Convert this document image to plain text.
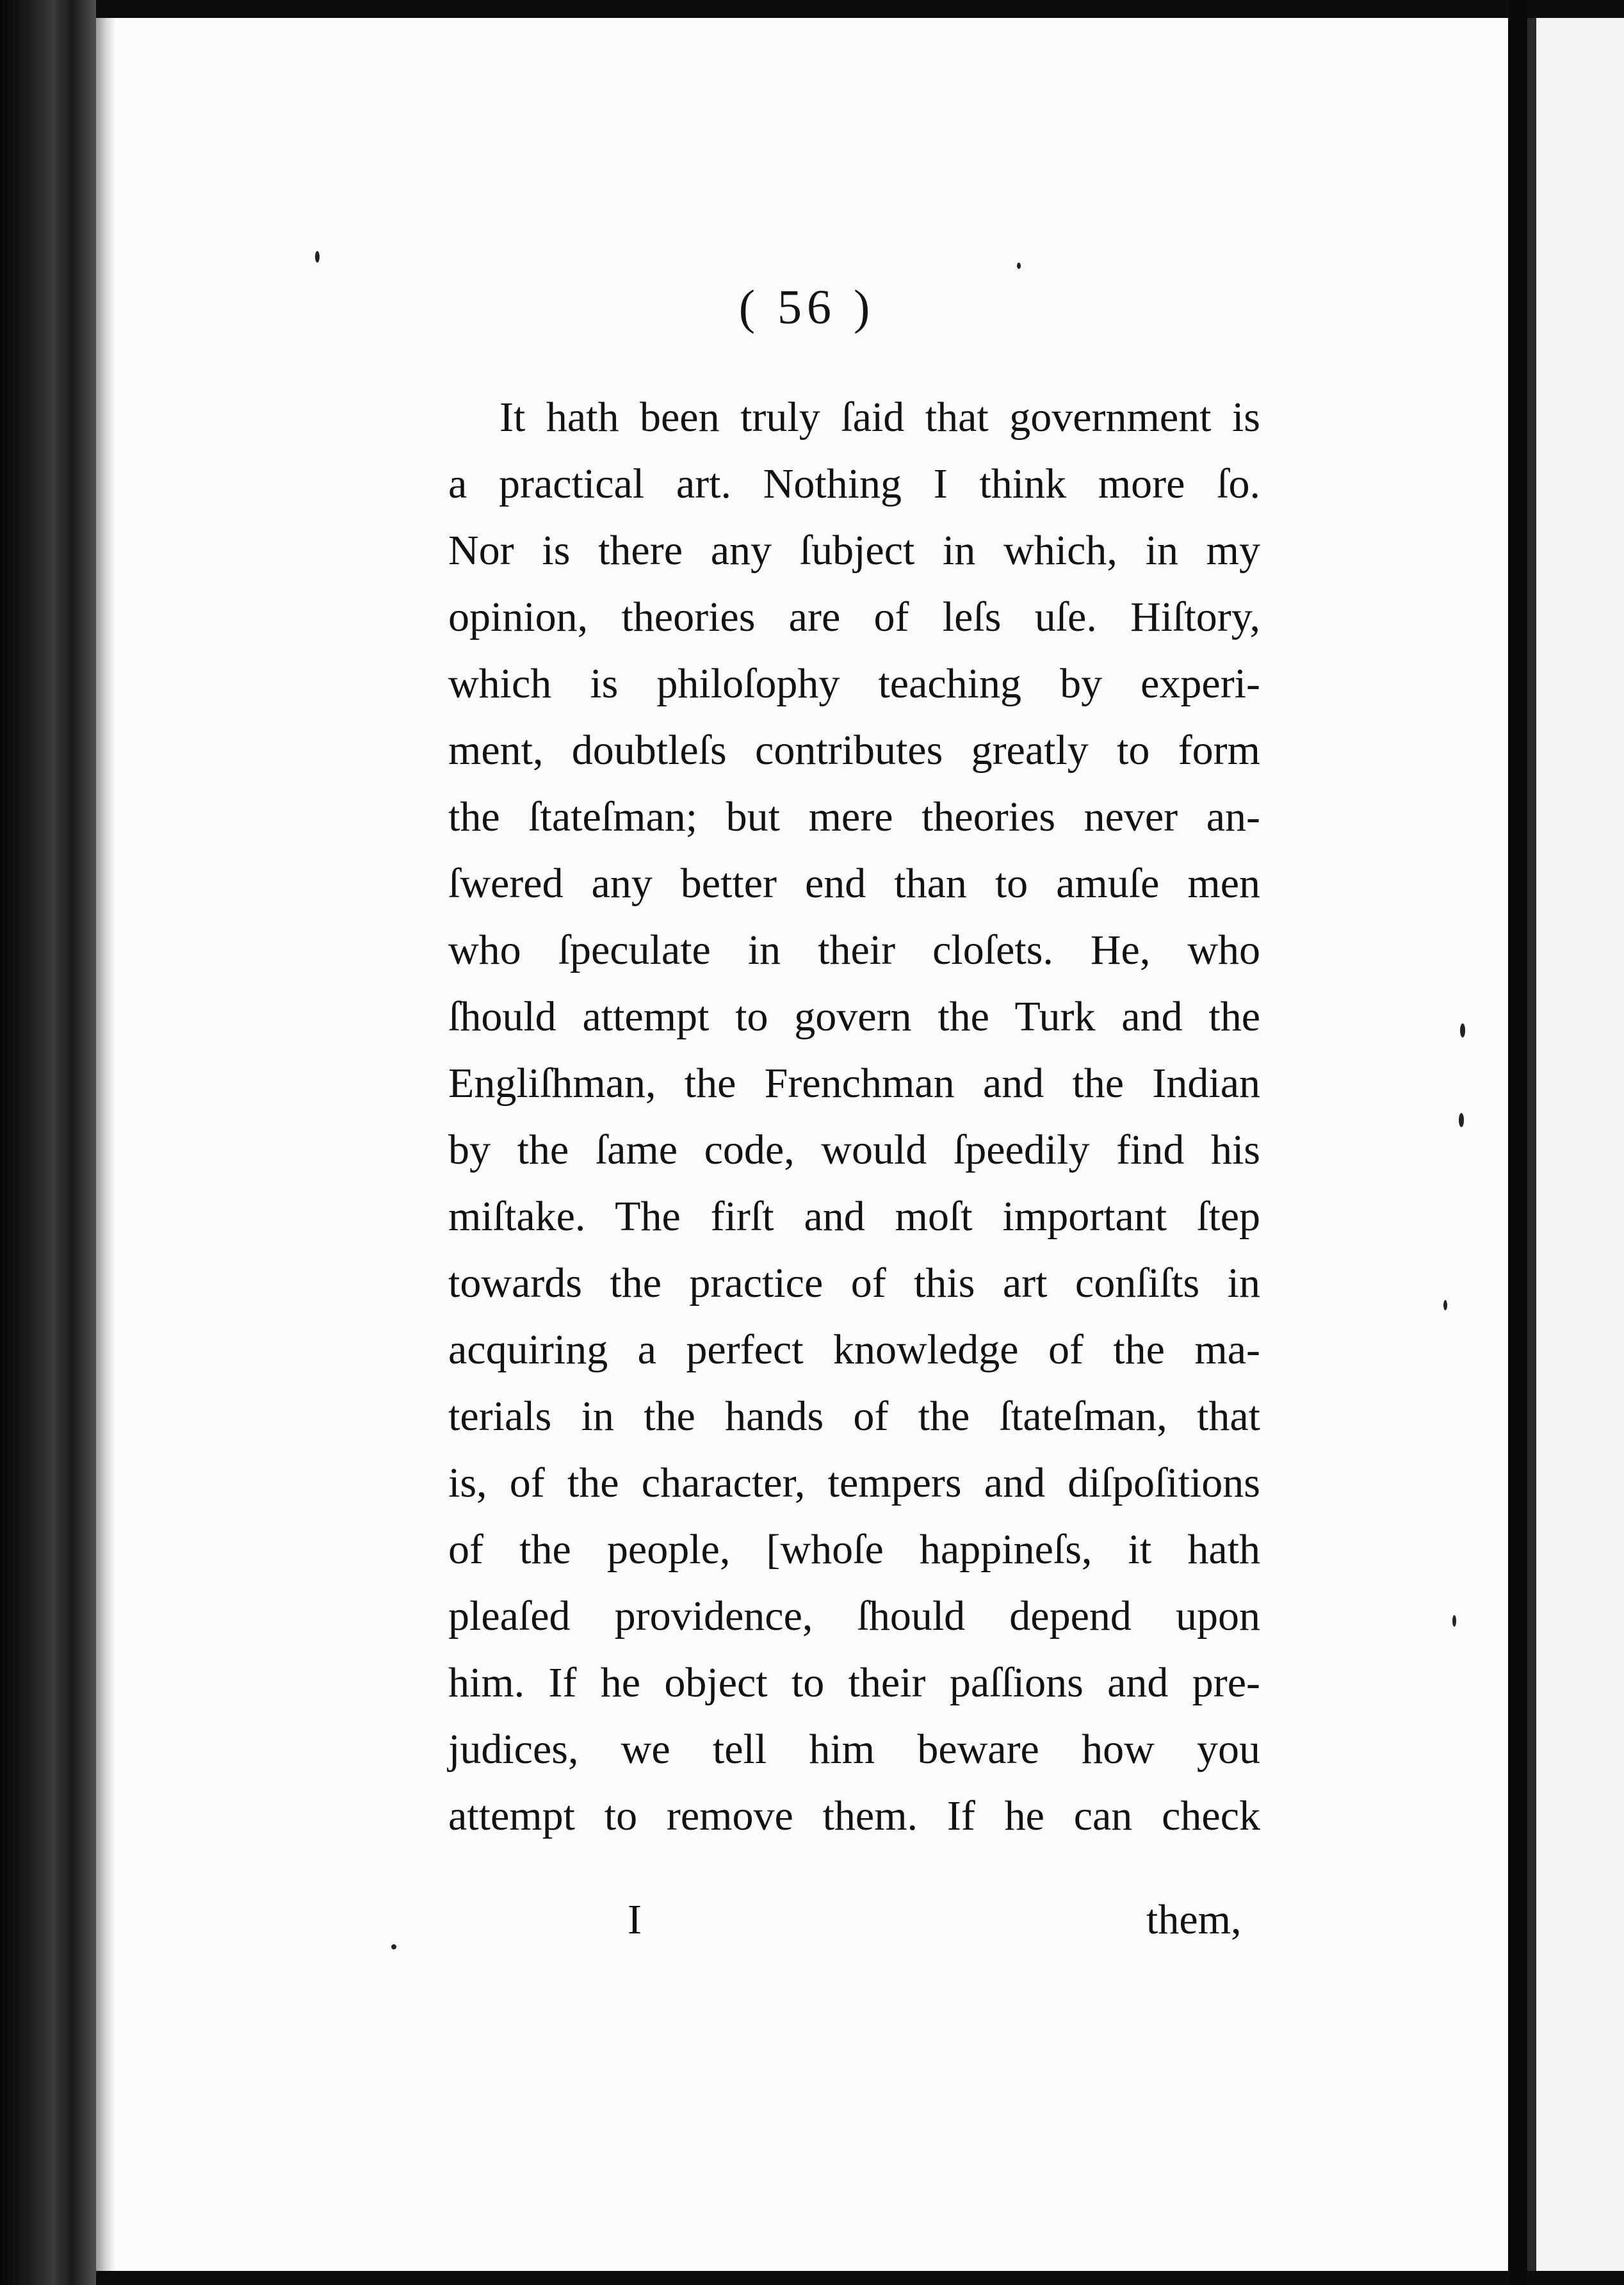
( 56 )
It hath been truly ſaid that government is
a practical art. Nothing I think more ſo.
Nor is there any ſubject in which, in my
opinion, theories are of leſs uſe. Hiſtory,
which is philoſophy teaching by experi-
ment, doubtleſs contributes greatly to form
the ſtateſman; but mere theories never an-
ſwered any better end than to amuſe men
who ſpeculate in their cloſets. He, who
ſhould attempt to govern the Turk and the
Engliſhman, the Frenchman and the Indian
by the ſame code, would ſpeedily find his
miſtake. The firſt and moſt important ſtep
towards the practice of this art conſiſts in
acquiring a perfect knowledge of the ma-
terials in the hands of the ſtateſman, that
is, of the character, tempers and diſpoſitions
of the people, [whoſe happineſs, it hath
pleaſed providence, ſhould depend upon
him. If he object to their paſſions and pre-
judices, we tell him beware how you
attempt to remove them. If he can check
I	them,
